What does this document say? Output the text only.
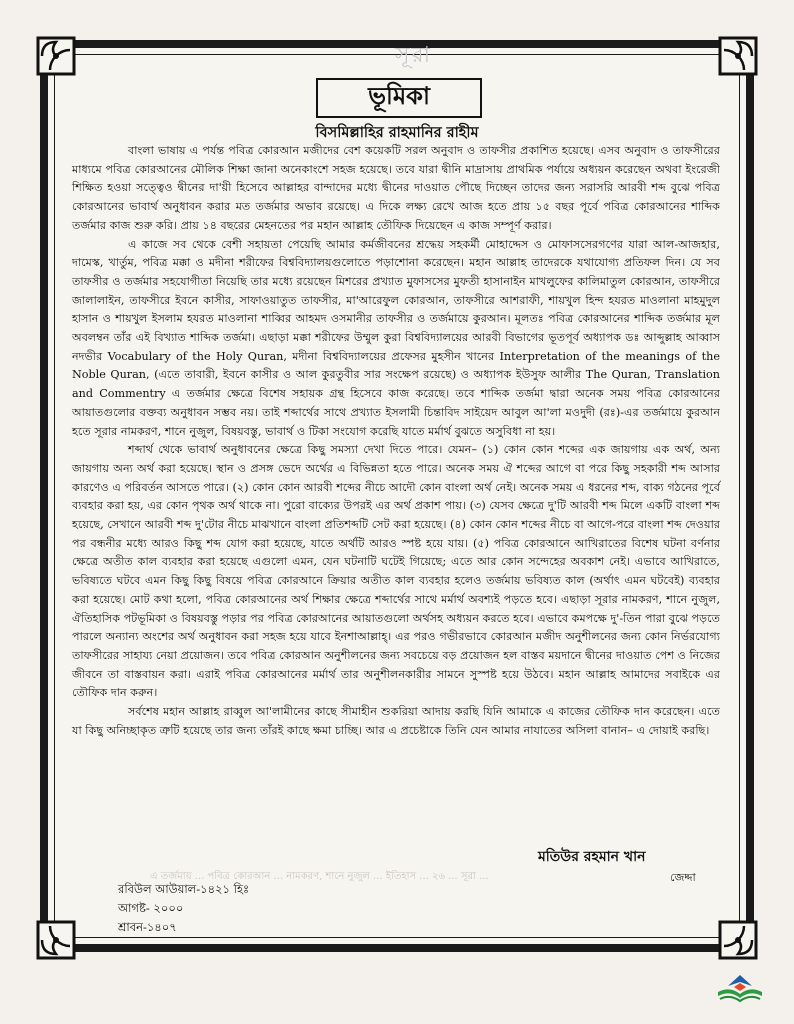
সূরা
ভূমিকা
বিসমিল্লাহির রাহমানির রাহীম

বাংলা ভাষায় এ পর্যন্ত পবিত্র কোরআন মজীদের বেশ কয়েকটি সরল অনুবাদ ও তাফসীর প্রকাশিত হয়েছে। এসব অনুবাদ ও তাফসীরের মাধ্যমে পবিত্র কোরআনের মৌলিক শিক্ষা জানা অনেকাংশে সহজ হয়েছে। তবে যারা দ্বীনি মাদ্রাসায় প্রাথমিক পর্যায়ে অধ্যয়ন করেছেন অথবা ইংরেজী শিক্ষিত হওয়া সত্ত্বেও দ্বীনের দা'য়ী হিসেবে আল্লাহর বান্দাদের মধ্যে দ্বীনের দাওয়াত পৌছে দিচ্ছেন তাদের জন্য সরাসরি আরবী শব্দ বুঝে পবিত্র কোরআনের ভাবার্থ অনুধাবন করার মত তর্জমার অভাব রয়েছে। এ দিকে লক্ষ্য রেখে আজ হতে প্রায় ১৫ বছর পূর্বে পবিত্র কোরআনের শাব্দিক তর্জমার কাজ শুরু করি। প্রায় ১৪ বছরের মেহনতের পর মহান আল্লাহ তৌফিক দিয়েছেন এ কাজ সম্পূর্ণ করার।

এ কাজে সব থেকে বেশী সহায়তা পেয়েছি আমার কর্মজীবনের শ্রদ্ধেয় সহকর্মী মোহাদ্দেস ও মোফাসসেরগণের যারা আল-আজহার, দামেস্ক, খার্তুম, পবিত্র মক্কা ও মদীনা শরীফের বিশ্ববিদ্যালয়গুলোতে পড়াশোনা করেছেন। মহান আল্লাহ তাদেরকে যথাযোগ্য প্রতিফল দিন। যে সব তাফসীর ও তর্জমার সহযোগীতা নিয়েছি তার মধ্যে রয়েছেন মিশরের প্রখ্যাত মুফাসসের মুফতী হাসানাইন মাখলুফের কালিমাতুল কোরআন, তাফসীরে জালালাইন, তাফসীরে ইবনে কাসীর, সাফাওয়াতুত তাফসীর, মা'আরেফুল কোরআন, তাফসীরে আশরাফী, শায়খুল হিন্দ হযরত মাওলানা মাহমুদুল হাসান ও শায়খুল ইসলাম হযরত মাওলানা শাব্বির আহমদ ওসমানীর তাফসীর ও তর্জমায়ে কুরআন। মূলতঃ পবিত্র কোরআনের শাব্দিক তর্জমার মূল অবলম্বন তাঁর এই বিখ্যাত শাব্দিক তর্জমা। এছাড়া মক্কা শরীফের উম্মুল কুরা বিশ্ববিদ্যালয়ের আরবী বিভাগের ভূতপূর্ব অধ্যাপক ডঃ আব্দুল্লাহ আব্বাস নদভীর Vocabulary of the Holy Quran, মদীনা বিশ্ববিদ্যালয়ের প্রফেসর মুহসীন খানের Interpretation of the meanings of the Noble Quran, (এতে তাবারী, ইবনে কাসীর ও আল কুরতুবীর সার সংক্ষেপ রয়েছে) ও অধ্যাপক ইউসুফ আলীর The Quran, Translation and Commentry এ তর্জমার ক্ষেত্রে বিশেষ সহায়ক গ্রন্থ হিসেবে কাজ করেছে। তবে শাব্দিক তর্জমা দ্বারা অনেক সময় পবিত্র কোরআনের আয়াতগুলোর বক্তব্য অনুধাবন সম্ভব নয়। তাই শব্দার্থের সাথে প্রখ্যাত ইসলামী চিন্তাবিদ সাইয়েদ আবুল আ'লা মওদুদী (রঃ)-এর তর্জমায়ে কুরআন হতে সূরার নামকরণ, শানে নুজুল, বিষয়বস্তু, ভাবার্থ ও টিকা সংযোগ করেছি যাতে মর্মার্থ বুঝতে অসুবিধা না হয়।

শব্দার্থ থেকে ভাবার্থ অনুধাবনের ক্ষেত্রে কিছু সমস্যা দেখা দিতে পারে। যেমন– (১) কোন কোন শব্দের এক জায়গায় এক অর্থ, অন্য জায়গায় অন্য অর্থ করা হয়েছে। স্থান ও প্রসঙ্গ ভেদে অর্থের এ বিভিন্নতা হতে পারে। অনেক সময় ঐ শব্দের আগে বা পরে কিছু সহকারী শব্দ আসার কারণেও এ পরিবর্তন আসতে পারে। (২) কোন কোন আরবী শব্দের নীচে আদৌ কোন বাংলা অর্থ নেই। অনেক সময় এ ধরনের শব্দ, বাক্য গঠনের পূর্বে ব্যবহার করা হয়, এর কোন পৃথক অর্থ থাকে না। পুরো বাক্যের উপরই এর অর্থ প্রকাশ পায়। (৩) যেসব ক্ষেত্রে দু'টি আরবী শব্দ মিলে একটি বাংলা শব্দ হয়েছে, সেখানে আরবী শব্দ দু'টোর নীচে মাঝখানে বাংলা প্রতিশব্দটি সেট করা হয়েছে। (৪) কোন কোন শব্দের নীচে বা আগে-পরে বাংলা শব্দ দেওয়ার পর বন্ধনীর মধ্যে আরও কিছু শব্দ যোগ করা হয়েছে, যাতে অর্থটি আরও স্পষ্ট হয়ে যায়। (৫) পবিত্র কোরআনে আখিরাতের বিশেষ ঘটনা বর্ণনার ক্ষেত্রে অতীত কাল ব্যবহার করা হয়েছে এগুলো এমন, যেন ঘটনাটি ঘটেই গিয়েছে; এতে আর কোন সন্দেহের অবকাশ নেই। এভাবে আখিরাতে, ভবিষ্যতে ঘটবে এমন কিছু কিছু বিষয়ে পবিত্র কোরআনে ক্রিয়ার অতীত কাল ব্যবহার হলেও তর্জমায় ভবিষ্যত কাল (অর্থাৎ এমন ঘটবেই) ব্যবহার করা হয়েছে। মোট কথা হলো, পবিত্র কোরআনের অর্থ শিক্ষার ক্ষেত্রে শব্দার্থের সাথে মর্মার্থ অবশ্যই পড়তে হবে। এছাড়া সূরার নামকরণ, শানে নুজুল, ঐতিহাসিক পটভূমিকা ও বিষয়বস্তু পড়ার পর পবিত্র কোরআনের আয়াতগুলো অর্থসহ অধ্যয়ন করতে হবে। এভাবে কমপক্ষে দু'-তিন পারা বুঝে পড়তে পারলে অন্যান্য অংশের অর্থ অনুধাবন করা সহজ হয়ে যাবে ইনশাআল্লাহ্। এর পরও গভীরভাবে কোরআন মজীদ অনুশীলনের জন্য কোন নির্ভরযোগ্য তাফসীরের সাহায্য নেয়া প্রয়োজন। তবে পবিত্র কোরআন অনুশীলনের জন্য সবচেয়ে বড় প্রয়োজন হল বাস্তব ময়দানে দ্বীনের দাওয়াত পেশ ও নিজের জীবনে তা বাস্তবায়ন করা। এরাই পবিত্র কোরআনের মর্মার্থ তার অনুশীলনকারীর সামনে সুস্পষ্ট হয়ে উঠবে। মহান আল্লাহ আমাদের সবাইকে এর তৌফিক দান করুন।

সর্বশেষ মহান আল্লাহ রাব্বুল আ'লামীনের কাছে সীমাহীন শুকরিয়া আদায় করছি যিনি আমাকে এ কাজের তৌফিক দান করেছেন। এতে যা কিছু অনিচ্ছাকৃত ত্রুটি হয়েছে তার জন্য তাঁরই কাছে ক্ষমা চাচ্ছি। আর এ প্রচেষ্টাকে তিনি যেন আমার নাযাতের অসিলা বানান– এ দোয়াই করছি।

এ তর্জমায় ... পবিত্র কোরআন ... নামকরণ, শানে নুজুল ... ইতিহাস ... ২৬ ... সূরা ...
মতিউর রহমান খান
জেদ্দা
রবিউল আউয়াল-১৪২১ হিঃ
আগষ্ট- ২০০০
শ্রাবন-১৪০৭
